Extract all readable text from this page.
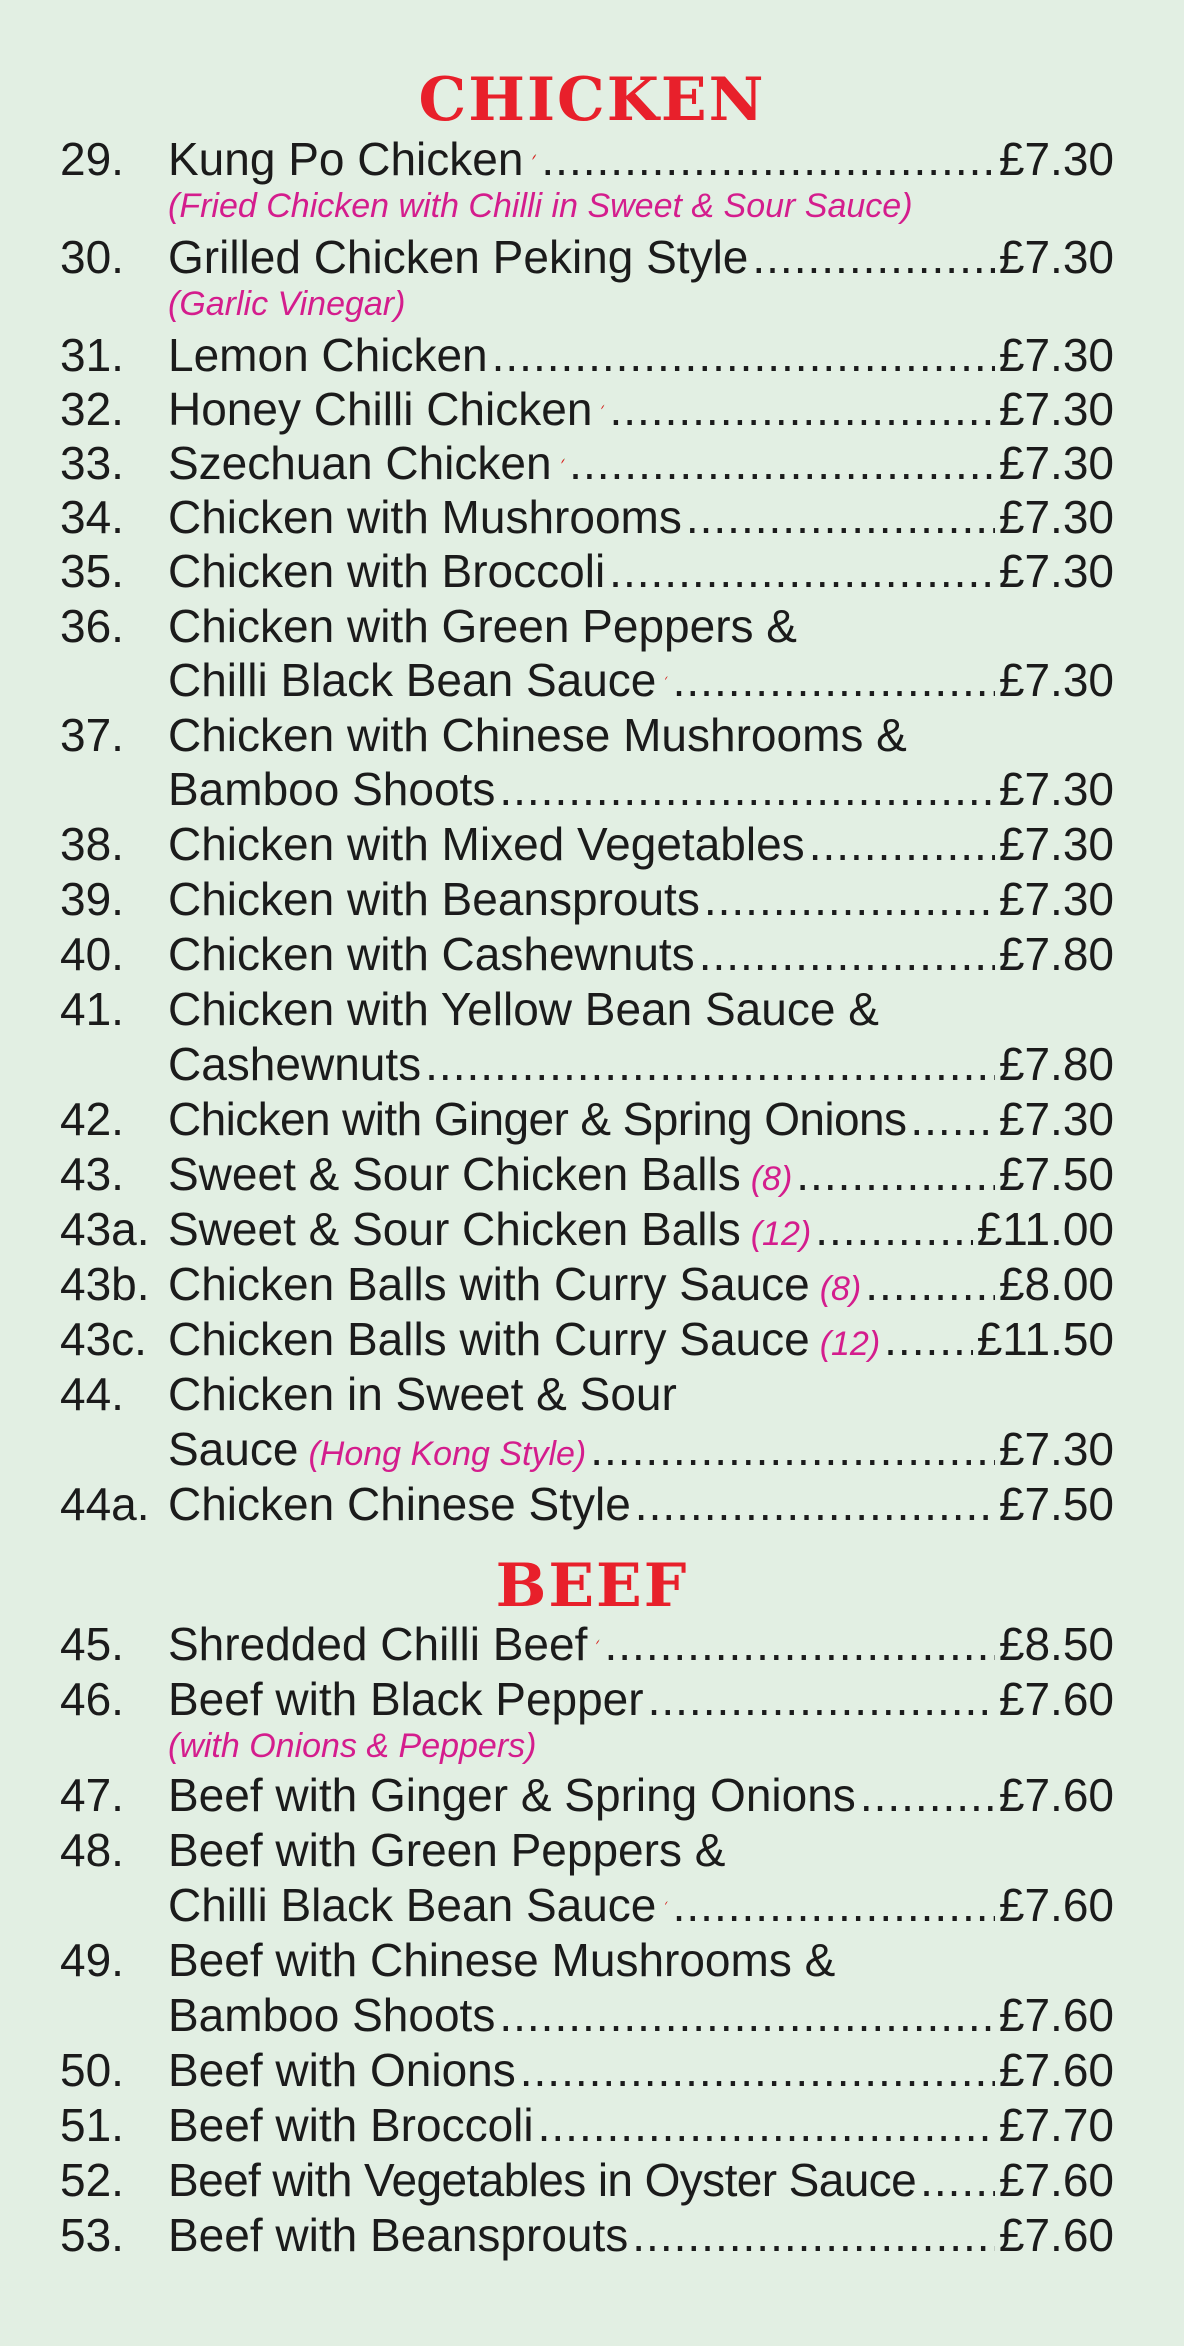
CHICKEN
29. Kung Po Chicken .....	£7.30
(Fried Chicken with Chilli in Sweet & Sour Sauce)
30. Grilled Chicken Peking Style .....	£7.30
(Garlic Vinegar)
31. Lemon Chicken .....	£7.30
32. Honey Chilli Chicken .....	£7.30
33. Szechuan Chicken .....	£7.30
34. Chicken with Mushrooms .....	£7.30
35. Chicken with Broccoli .....	£7.30
36. Chicken with Green Peppers &
Chilli Black Bean Sauce .....	£7.30
37. Chicken with Chinese Mushrooms &
Bamboo Shoots .....	£7.30
38. Chicken with Mixed Vegetables .....	£7.30
39. Chicken with Beansprouts .....	£7.30
40. Chicken with Cashewnuts .....	£7.80
41. Chicken with Yellow Bean Sauce &
Cashewnuts .....	£7.80
42. Chicken with Ginger & Spring Onions ..... £7.30
43. Sweet & Sour Chicken Balls (8) .....	£7.50
43a. Sweet & Sour Chicken Balls (12) .....	£11.00
43b. Chicken Balls with Curry Sauce (8) .....	£8.00
43c. Chicken Balls with Curry Sauce (12) ..... £11.50
44. Chicken in Sweet & Sour
Sauce (Hong Kong Style) .....	£7.30
44a. Chicken Chinese Style .....	£7.50
BEEF
45. Shredded Chilli Beef .....	£8.50
46. Beef with Black Pepper .....	£7.60
(with Onions & Peppers)
47. Beef with Ginger & Spring Onions .....	£7.60
48. Beef with Green Peppers &
Chilli Black Bean Sauce .....	£7.60
49. Beef with Chinese Mushrooms &
Bamboo Shoots .....	£7.60
50. Beef with Onions .....	£7.60
51. Beef with Broccoli .....	£7.70
52. Beef with Vegetables in Oyster Sauce ..... £7.60
53. Beef with Beansprouts .....	£7.60
